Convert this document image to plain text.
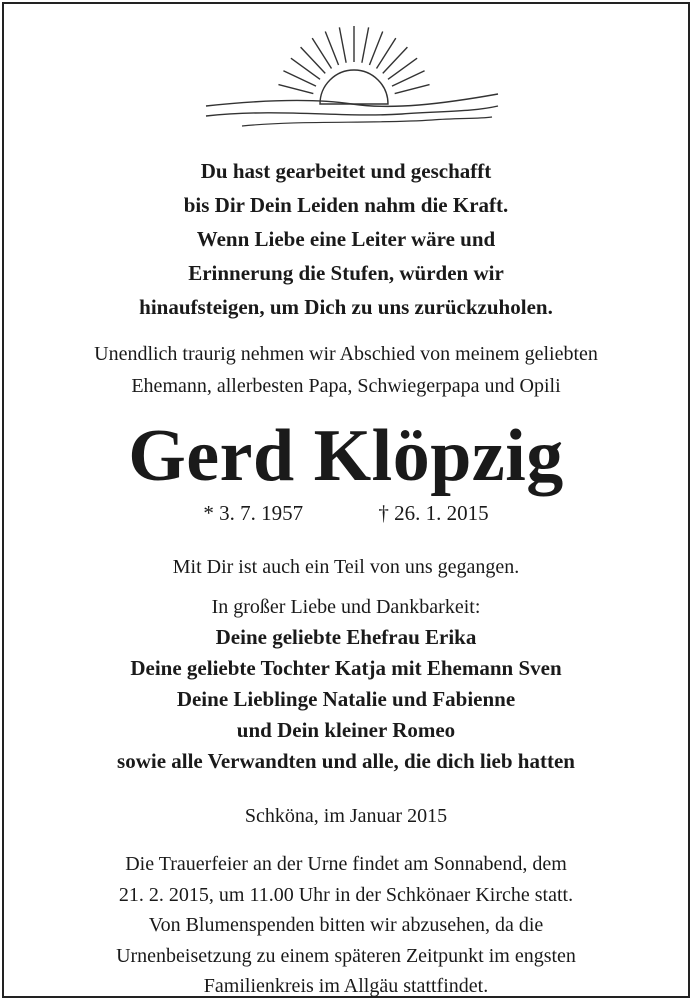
Du hast gearbeitet und geschafft
bis Dir Dein Leiden nahm die Kraft.
Wenn Liebe eine Leiter wäre und
Erinnerung die Stufen, würden wir
hinaufsteigen, um Dich zu uns zurückzuholen.
Unendlich traurig nehmen wir Abschied von meinem geliebten
Ehemann, allerbesten Papa, Schwiegerpapa und Opili
Gerd Klöpzig
* 3. 7. 1957	† 26. 1. 2015
Mit Dir ist auch ein Teil von uns gegangen.
In großer Liebe und Dankbarkeit:
Deine geliebte Ehefrau Erika
Deine geliebte Tochter Katja mit Ehemann Sven
Deine Lieblinge Natalie und Fabienne
und Dein kleiner Romeo
sowie alle Verwandten und alle, die dich lieb hatten
Schköna, im Januar 2015
Die Trauerfeier an der Urne findet am Sonnabend, dem
21. 2. 2015, um 11.00 Uhr in der Schkönaer Kirche statt.
Von Blumenspenden bitten wir abzusehen, da die
Urnenbeisetzung zu einem späteren Zeitpunkt im engsten
Familienkreis im Allgäu stattfindet.
